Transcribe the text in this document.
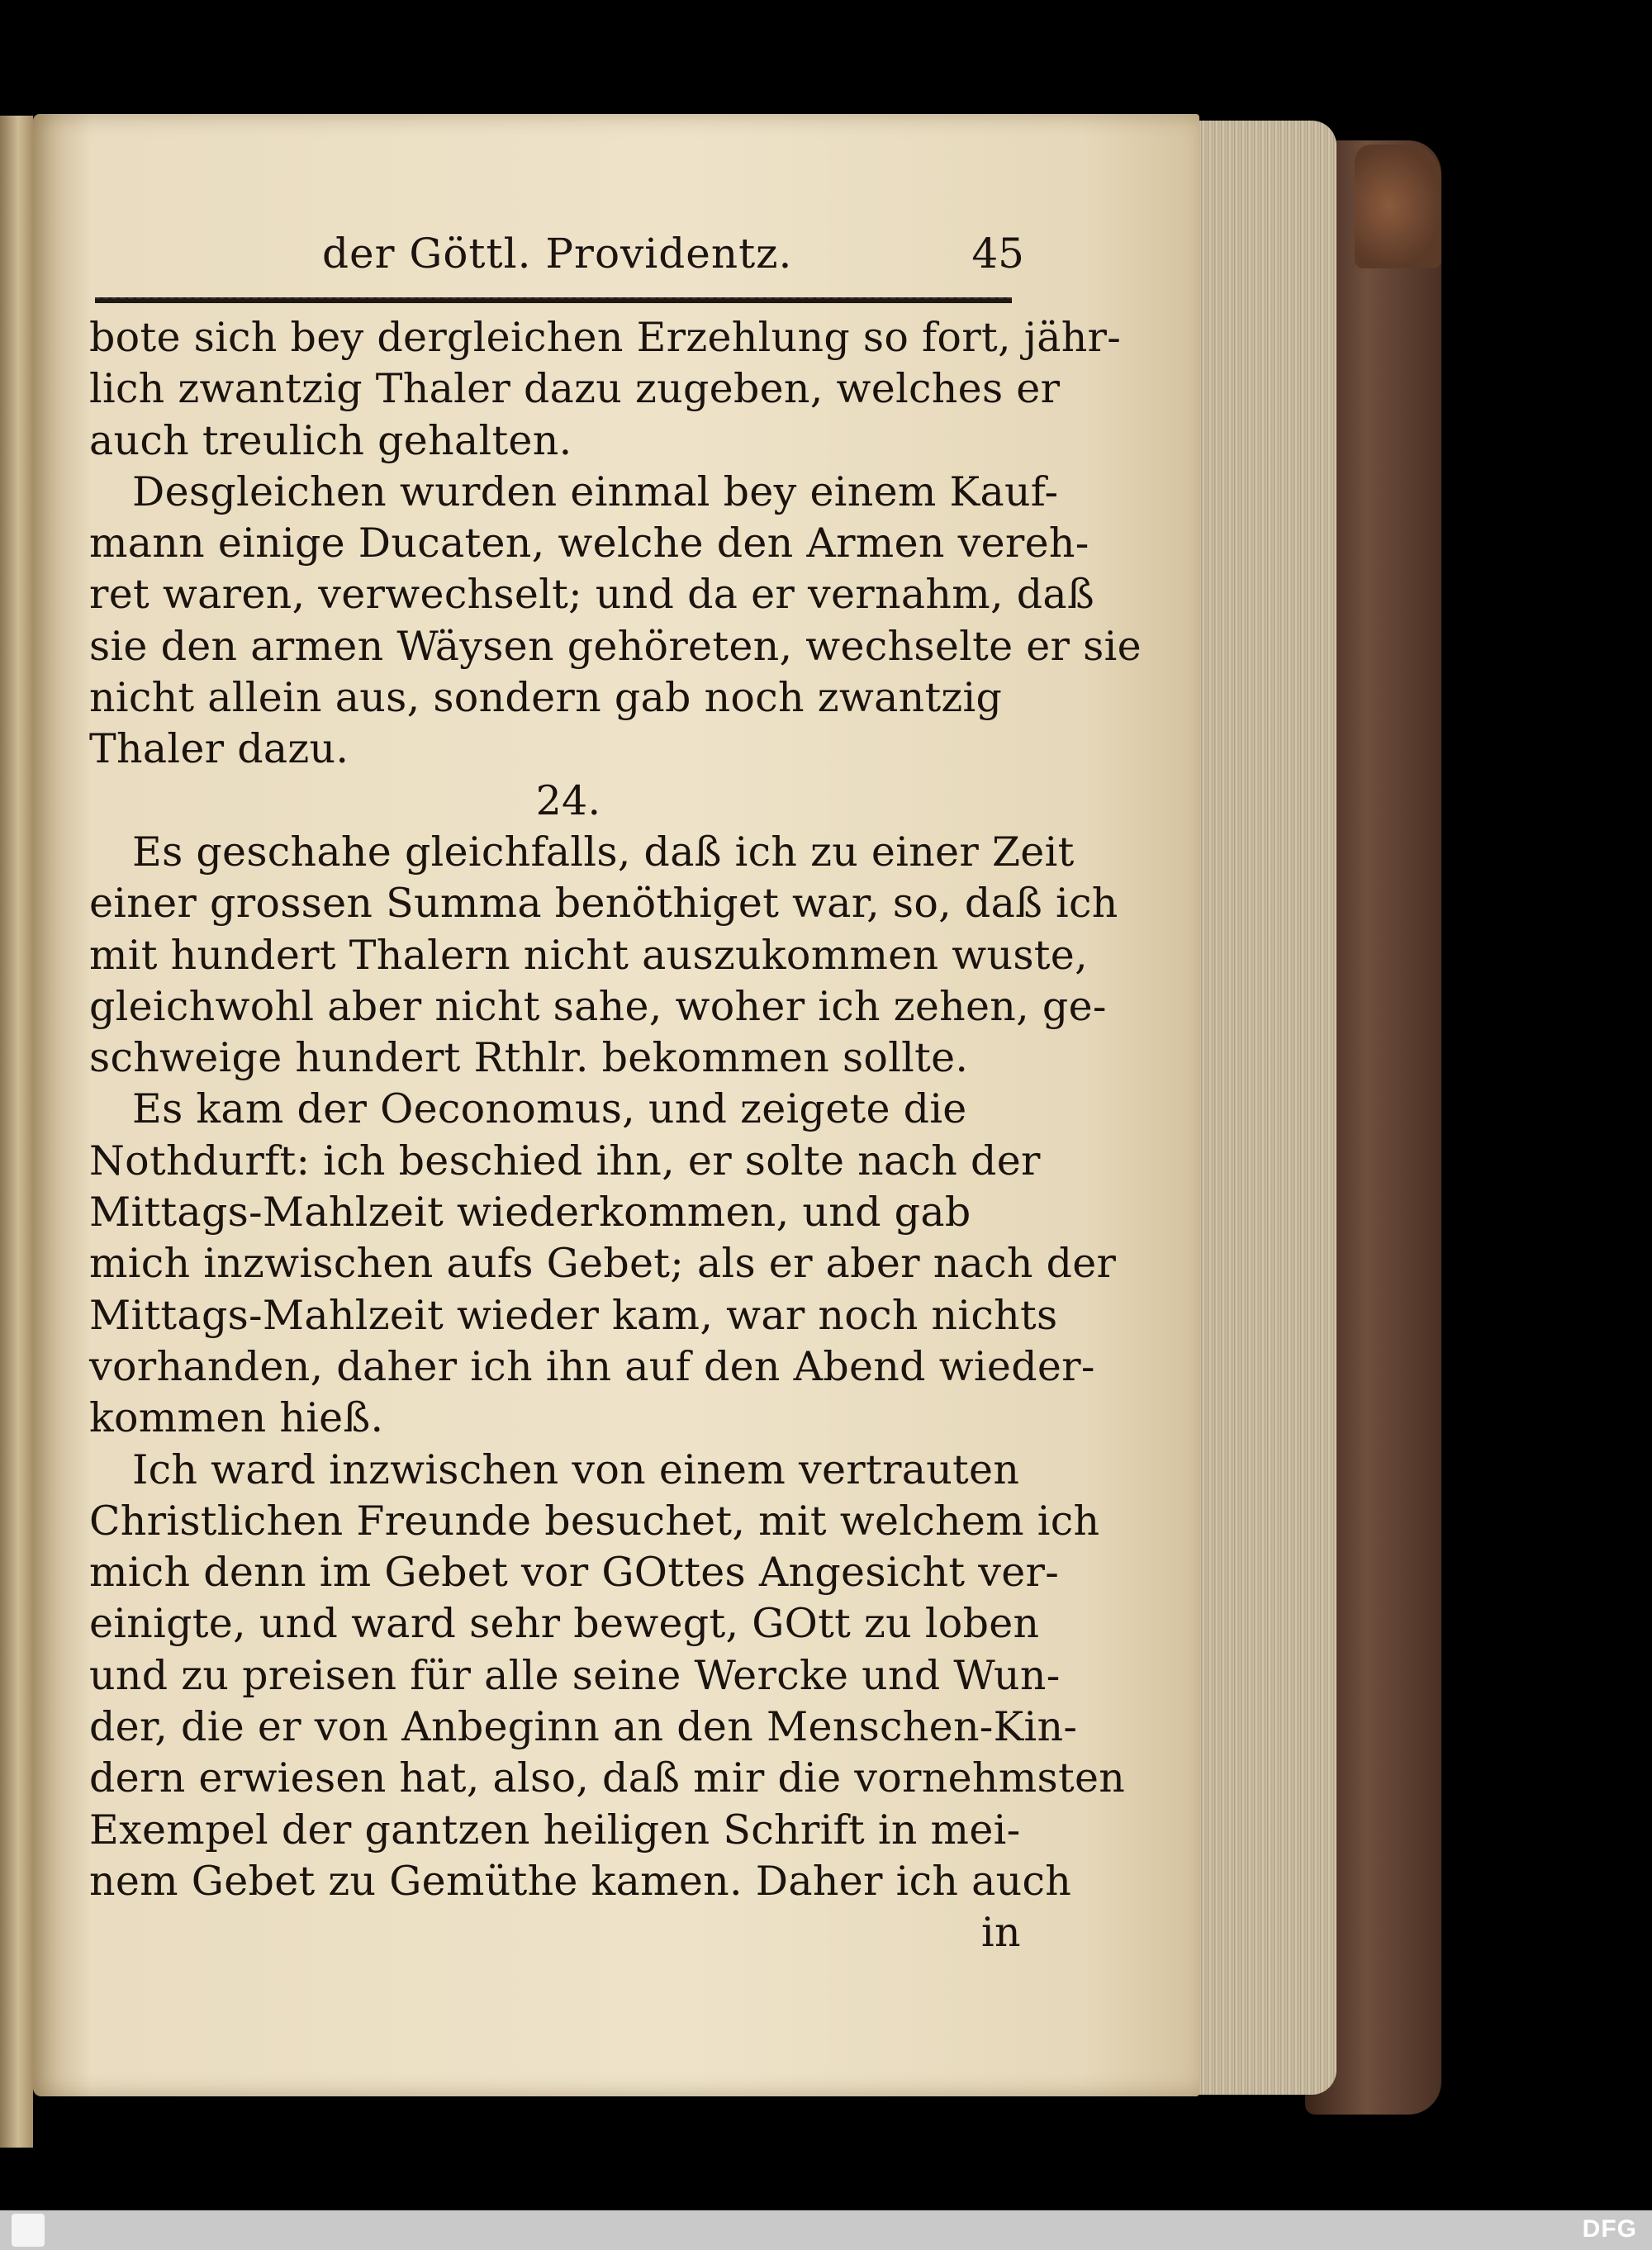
der Göttl. Providentz.	45
bote sich bey dergleichen Erzehlung so fort, jähr-
lich zwantzig Thaler dazu zugeben, welches er
auch treulich gehalten.
Desgleichen wurden einmal bey einem Kauf-
mann einige Ducaten, welche den Armen vereh-
ret waren, verwechselt; und da er vernahm, daß
sie den armen Wäysen gehöreten, wechselte er sie
nicht allein aus, sondern gab noch zwantzig
Thaler dazu.
24.
Es geschahe gleichfalls, daß ich zu einer Zeit
einer grossen Summa benöthiget war, so, daß ich
mit hundert Thalern nicht auszukommen wuste,
gleichwohl aber nicht sahe, woher ich zehen, ge-
schweige hundert Rthlr. bekommen sollte.
Es kam der Oeconomus, und zeigete die
Nothdurft: ich beschied ihn, er solte nach der
Mittags-Mahlzeit wiederkommen, und gab
mich inzwischen aufs Gebet; als er aber nach der
Mittags-Mahlzeit wieder kam, war noch nichts
vorhanden, daher ich ihn auf den Abend wieder-
kommen hieß.
Ich ward inzwischen von einem vertrauten
Christlichen Freunde besuchet, mit welchem ich
mich denn im Gebet vor GOttes Angesicht ver-
einigte, und ward sehr bewegt, GOtt zu loben
und zu preisen für alle seine Wercke und Wun-
der, die er von Anbeginn an den Menschen-Kin-
dern erwiesen hat, also, daß mir die vornehmsten
Exempel der gantzen heiligen Schrift in mei-
nem Gebet zu Gemüthe kamen. Daher ich auch
in
DFG
